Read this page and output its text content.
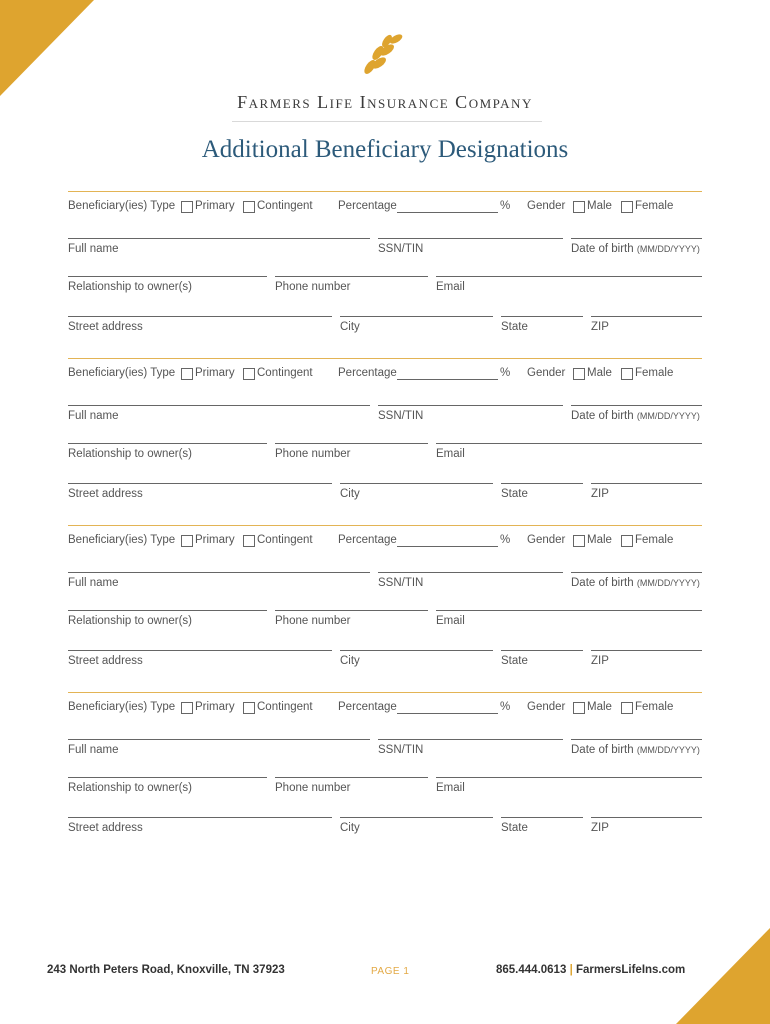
Farmers Life Insurance Company
Additional Beneficiary Designations
Beneficiary(ies) Type Primary Contingent Percentage	% Gender Male Female
Full name	SSN/TIN	Date of birth (MM/DD/YYYY)
Relationship to owner(s)	Phone number	Email
Street address	City	State	ZIP
Beneficiary(ies) Type Primary Contingent Percentage	% Gender Male Female
Full name	SSN/TIN	Date of birth (MM/DD/YYYY)
Relationship to owner(s)	Phone number	Email
Street address	City	State	ZIP
Beneficiary(ies) Type Primary Contingent Percentage	% Gender Male Female
Full name	SSN/TIN	Date of birth (MM/DD/YYYY)
Relationship to owner(s)	Phone number	Email
Street address	City	State	ZIP
Beneficiary(ies) Type Primary Contingent Percentage	% Gender Male Female
Full name	SSN/TIN	Date of birth (MM/DD/YYYY)
Relationship to owner(s)	Phone number	Email
Street address	City	State	ZIP
243 North Peters Road, Knoxville, TN 37923	PAGE 1	865.444.0613 | FarmersLifeIns.com
